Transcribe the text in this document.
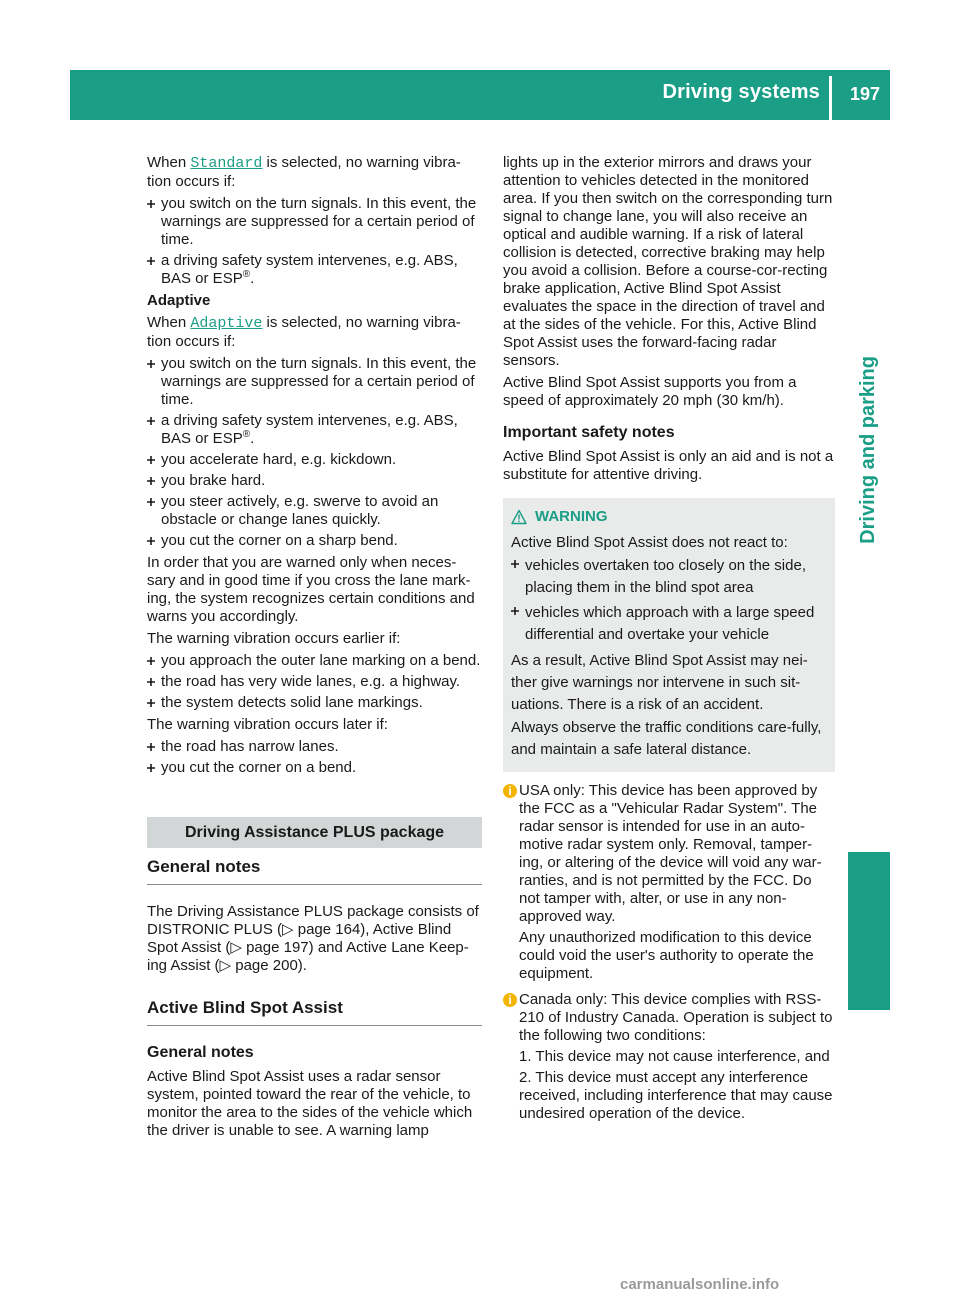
Driving systems 197
Driving and parking

When Standard is selected, no warning vibra-tion occurs if:

you switch on the turn signals. In this event, the warnings are suppressed for a certain period of time.
a driving safety system intervenes, e.g. ABS, BAS or ESP®.
Adaptive

When Adaptive is selected, no warning vibra-tion occurs if:

you switch on the turn signals. In this event, the warnings are suppressed for a certain period of time.
a driving safety system intervenes, e.g. ABS, BAS or ESP®.
you accelerate hard, e.g. kickdown.
you brake hard.
you steer actively, e.g. swerve to avoid an obstacle or change lanes quickly.
you cut the corner on a sharp bend.

In order that you are warned only when neces-sary and in good time if you cross the lane mark-ing, the system recognizes certain conditions and warns you accordingly.

The warning vibration occurs earlier if:

you approach the outer lane marking on a bend.
the road has very wide lanes, e.g. a highway.
the system detects solid lane markings.

The warning vibration occurs later if:

the road has narrow lanes.
you cut the corner on a bend.
Driving Assistance PLUS package
General notes

The Driving Assistance PLUS package consists of DISTRONIC PLUS (▷ page 164), Active Blind Spot Assist (▷ page 197) and Active Lane Keep-ing Assist (▷ page 200).

Active Blind Spot Assist
General notes

Active Blind Spot Assist uses a radar sensor system, pointed toward the rear of the vehicle, to monitor the area to the sides of the vehicle which the driver is unable to see. A warning lamp

lights up in the exterior mirrors and draws your attention to vehicles detected in the monitored area. If you then switch on the corresponding turn signal to change lane, you will also receive an optical and audible warning. If a risk of lateral collision is detected, corrective braking may help you avoid a collision. Before a course-cor-recting brake application, Active Blind Spot Assist evaluates the space in the direction of travel and at the sides of the vehicle. For this, Active Blind Spot Assist uses the forward-facing radar sensors.

Active Blind Spot Assist supports you from a speed of approximately 20 mph (30 km/h).

Important safety notes

Active Blind Spot Assist is only an aid and is not a substitute for attentive driving.

WARNING

Active Blind Spot Assist does not react to:

vehicles overtaken too closely on the side, placing them in the blind spot area
vehicles which approach with a large speed differential and overtake your vehicle

As a result, Active Blind Spot Assist may nei-ther give warnings nor intervene in such sit-uations. There is a risk of an accident.

Always observe the traffic conditions care-fully, and maintain a safe lateral distance.

i USA only: This device has been approved by the FCC as a "Vehicular Radar System". The radar sensor is intended for use in an auto-motive radar system only. Removal, tamper-ing, or altering of the device will void any war-ranties, and is not permitted by the FCC. Do not tamper with, alter, or use in any non-approved way.

Any unauthorized modification to this device could void the user's authority to operate the equipment.

i Canada only: This device complies with RSS-210 of Industry Canada. Operation is subject to the following two conditions:

1. This device may not cause interference, and

2. This device must accept any interference received, including interference that may cause undesired operation of the device.

carmanualsonline.info
